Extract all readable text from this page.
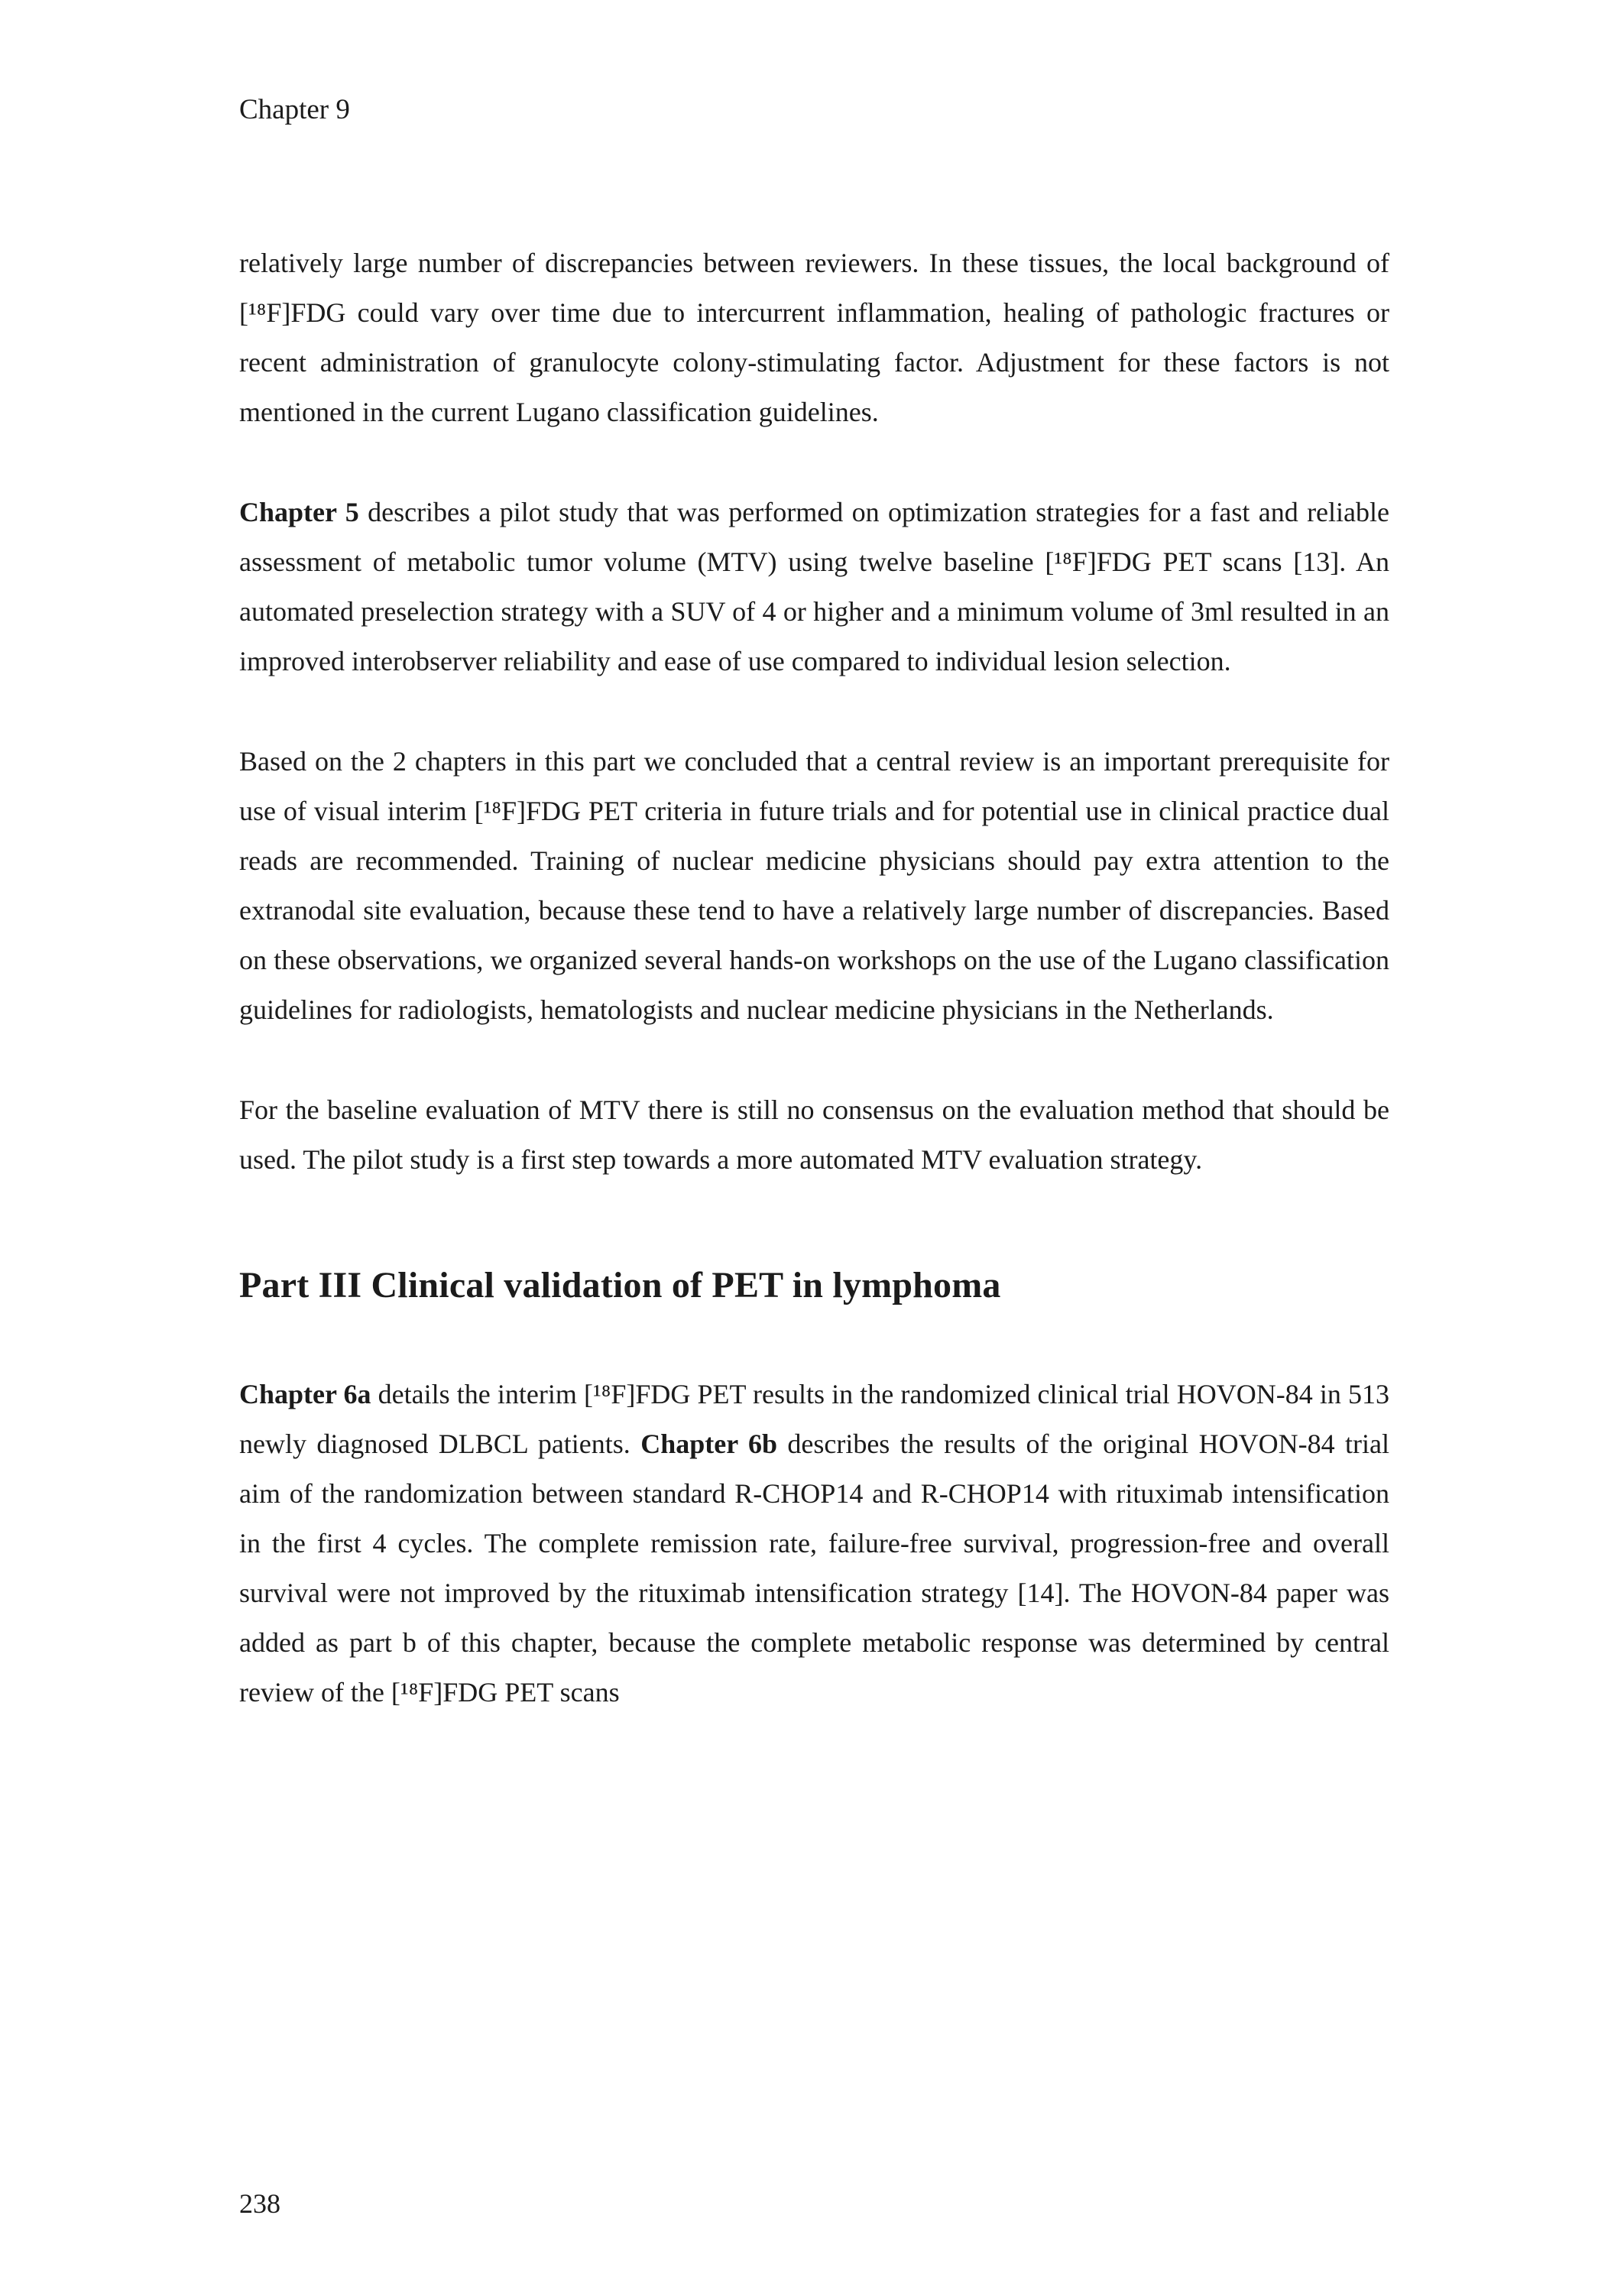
Chapter 9

relatively large number of discrepancies between reviewers. In these tissues, the local background of [¹⁸F]FDG could vary over time due to intercurrent inflammation, healing of pathologic fractures or recent administration of granulocyte colony-stimulating factor. Adjustment for these factors is not mentioned in the current Lugano classification guidelines.

Chapter 5 describes a pilot study that was performed on optimization strategies for a fast and reliable assessment of metabolic tumor volume (MTV) using twelve baseline [¹⁸F]FDG PET scans [13]. An automated preselection strategy with a SUV of 4 or higher and a minimum volume of 3ml resulted in an improved interobserver reliability and ease of use compared to individual lesion selection.

Based on the 2 chapters in this part we concluded that a central review is an important prerequisite for use of visual interim [¹⁸F]FDG PET criteria in future trials and for potential use in clinical practice dual reads are recommended. Training of nuclear medicine physicians should pay extra attention to the extranodal site evaluation, because these tend to have a relatively large number of discrepancies. Based on these observations, we organized several hands-on workshops on the use of the Lugano classification guidelines for radiologists, hematologists and nuclear medicine physicians in the Netherlands.

For the baseline evaluation of MTV there is still no consensus on the evaluation method that should be used. The pilot study is a first step towards a more automated MTV evaluation strategy.

Part III Clinical validation of PET in lymphoma

Chapter 6a details the interim [¹⁸F]FDG PET results in the randomized clinical trial HOVON-84 in 513 newly diagnosed DLBCL patients. Chapter 6b describes the results of the original HOVON-84 trial aim of the randomization between standard R-CHOP14 and R-CHOP14 with rituximab intensification in the first 4 cycles. The complete remission rate, failure-free survival, progression-free and overall survival were not improved by the rituximab intensification strategy [14]. The HOVON-84 paper was added as part b of this chapter, because the complete metabolic response was determined by central review of the [¹⁸F]FDG PET scans

238
